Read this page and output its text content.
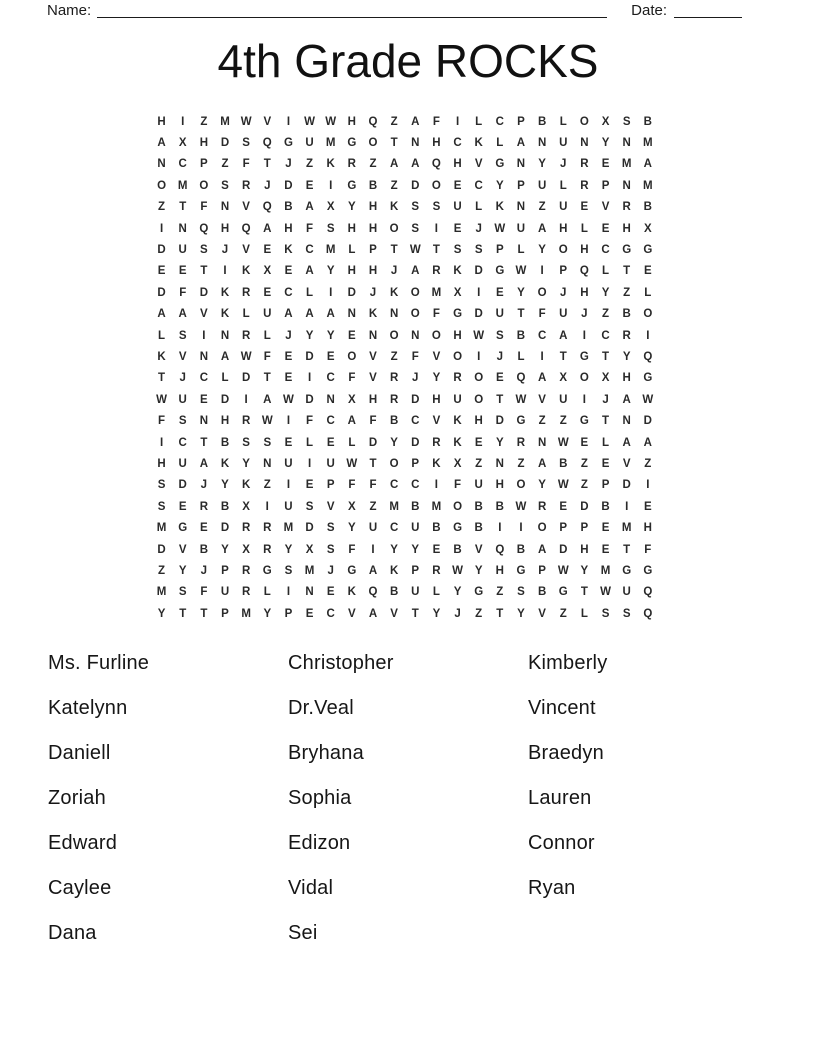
Name:	Date:
4th Grade ROCKS
H	I	Z	M W	V	I	W W	H	Q	Z	A	F	I	L	C	P	B	L	O	X	S	B
A	X	H	D	S	Q	G	U	M	G	O	T	N	H	C	K	L	A	N	U	N	Y	N	M
N	C	P	Z	F	T	J	Z	K	R	Z	A	A	Q	H	V	G	N	Y	J	R	E	M	A
O	M	O	S	R	J	D	E	I	G	B	Z	D	O	E	C	Y	P	U	L	R	P	N	M
Z	T	F	N	V	Q	B	A	X	Y	H	K	S	S	U	L	K	N	Z	U	E	V	R	B
I	N	Q	H	Q	A	H	F	S	H	H	O	S	I	E	J	W	U	A	H	L	E	H	X
D	U	S	J	V	E	K	C	M	L	P	T	W	T	S	S	P	L	Y	O	H	C	G	G
E	E	T	I	K	X	E	A	Y	H	H	J	A	R	K	D	G W	I	P	Q	L	T	E
D	F	D	K	R	E	C	L	I	D	J	K	O	M	X	I	E	Y	O	J	H	Y	Z	L
A	A	V	K	L	U	A	A	A	N	K	N	O	F	G	D	U	T	F	U	J	Z	B	O
L	S	I	N	R	L	J	Y	Y	E	N	O	N	O	H	W	S	B	C	A	I	C	R	I
K	V	N	A	W	F	E	D	E	O	V	Z	F	V	O	I	J	L	I	T	G	T	Y	Q
T	J	C	L	D	T	E	I	C	F	V	R	J	Y	R	O	E	Q	A	X	O	X	H	G
W	U	E	D	I	A	W	D	N	X	H	R	D	H	U	O	T	W	V	U	I	J	A	W
F	S	N	H	R	W	I	F	C	A	F	B	C	V	K	H	D	G	Z	Z	G	T	N	D
I	C	T	B	S	S	E	L	E	L	D	Y	D	R	K	E	Y	R	N	W	E	L	A	A
H	U	A	K	Y	N	U	I	U	W	T	O	P	K	X	Z	N	Z	A	B	Z	E	V	Z
S	D	J	Y	K	Z	I	E	P	F	F	C	C	I	F	U	H	O	Y	W	Z	P	D	I
S	E	R	B	X	I	U	S	V	X	Z	M	B	M	O	B	B	W	R	E	D	B	I	E
M	G	E	D	R	R	M	D	S	Y	U	C	U	B	G	B	I	I	O	P	P	E	M	H
D	V	B	Y	X	R	Y	X	S	F	I	Y	Y	E	B	V	Q	B	A	D	H	E	T	F
Z	Y	J	P	R	G	S	M	J	G	A	K	P	R	W	Y	H	G	P	W	Y	M	G	G
M	S	F	U	R	L	I	N	E	K	Q	B	U	L	Y	G	Z	S	B	G	T	W	U	Q
Y	T	T	P	M	Y	P	E	C	V	A	V	T	Y	J	Z	T	Y	V	Z	L	S	S	Q
Ms. Furline
Katelynn
Daniell
Zoriah
Edward
Caylee
Dana
Christopher
Dr.Veal
Bryhana
Sophia
Edizon
Vidal
Sei
Kimberly
Vincent
Braedyn
Lauren
Connor
Ryan
